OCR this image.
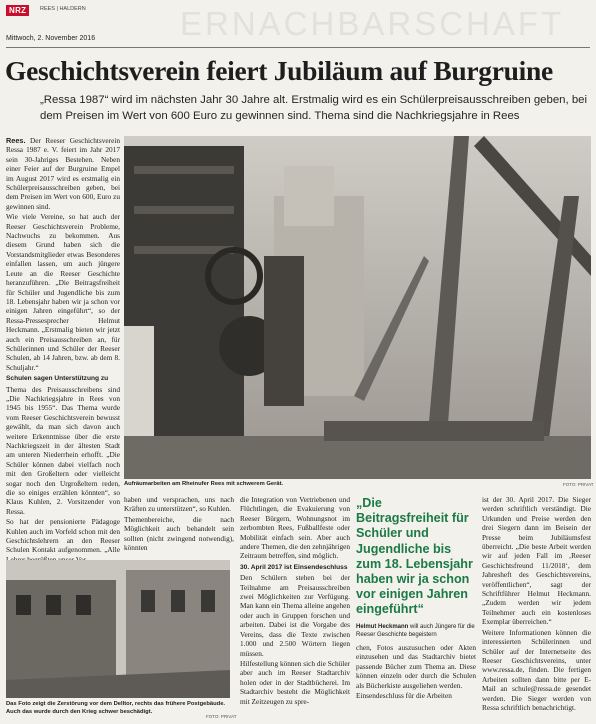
NRZ	REES | HALDERN	ERNACHBARSCHAFT
Mittwoch, 2. November 2016
Geschichtsverein feiert Jubiläum auf Burgruine

„Ressa 1987“ wird im nächsten Jahr 30 Jahre alt. Erstmalig wird es ein Schülerpreisausschreiben geben, bei dem Preisen im Wert von 600 Euro zu gewinnen sind. Thema sind die Nachkriegsjahre in Rees

Rees. Der Reeser Geschichtsverein Ressa 1987 e. V. feiert im Jahr 2017 sein 30-Jahriges Bestehen. Neben einer Feier auf der Burgruine Empel im August 2017 wird es erstmalig ein Schülerpreisausschreiben geben, bei dem Preisen im Wert von 600, Euro zu gewinnen sind.

Wie viele Vereine, so hat auch der Reeser Geschichtsverein Probleme, Nachwuchs zu bekommen. Aus diesem Grund haben sich die Vorstandsmitglieder etwas Besonderes einfallen lassen, um auch jüngere Leute an die Reeser Geschichte heranzuführen. „Die Beitragsfreiheit für Schüler und Jugendliche bis zum 18. Lebensjahr haben wir ja schon vor einigen Jahren eingeführt“, so der Ressa-Pressesprecher Helmut Heckmann. „Erstmalig bieten wir jetzt auch ein Preisausschreiben an, für Schülerinnen und Schüler der Reeser Schulen, ab 14 Jahren, bzw. ab dem 8. Schuljahr.“

Schulen sagen Unterstützung zu

Thema des Preisausschreibens sind „Die Nachkriegsjahre in Rees von 1945 bis 1955“. Das Thema wurde vom Reeser Geschichtsverein bewusst gewählt, da man sich davon auch weitere Erkenntnisse über die erste Nachkriegszeit in der ältesten Stadt am unteren Niederrhein erhofft. „Die Schüler können dabei vielfach noch mit den Großeltern oder vielleicht sogar noch den Urgroßeltern reden, die so einiges erzählen könnten“, so Klaus Kuhlen, 2. Vorsitzender von Ressa.

So hat der pensionierte Pädagoge Kuhlen auch im Vorfeld schon mit den Geschichtslehrern an den Reeser Schulen Kontakt aufgenommen. „Alle

Aufräumarbeiten am Rheinufer Rees mit schwerem Gerät.	FOTO: PRIVAT

haben und versprachen, uns nach Kräften zu unterstützen“, so Kuhlen.

Themenbereiche, die nach Möglichkeit auch behandelt sein sollten (nicht zwingend notwendig), könnten

Das Foto zeigt die Zerstörung vor dem Delltor, rechts das frühere Postgebäude. Auch das wurde durch den Krieg schwer beschädigt.
FOTO: PRIVAT

die Integration von Vertriebenen und Flüchtlingen, die Evakuierung von Reeser Bürgern, Wohnungsnot im zerbombten Rees, Fußballfeste oder Mobilität einfach sein. Aber auch andere Themen, die den zehnjährigen Zeitraum betreffen, sind möglich.

30. April 2017 ist Einsendeschluss

Den Schülern stehen bei der Teilnahme am Preisausschreiben zwei Möglichkeiten zur Verfügung. Man kann ein Thema alleine angehen oder auch in Gruppen forschen und arbeiten. Dabei ist die Vorgabe des Vereins, dass die Texte zwischen 1.000 und 2.500 Wörtern liegen müssen.

Hilfestellung können sich die Schüler aber auch im Reeser Stadtarchiv holen oder in der Stadtbücherei. Im Stadtarchiv besteht die Möglichkeit mit Zeitzeugen zu spre-

„Die Beitragsfreiheit für Schüler und Jugendliche bis zum 18. Lebensjahr haben wir ja schon vor einigen Jahren eingeführt“
Helmut Heckmann will auch Jüngere für die Reeser Geschichte begeistern

chen, Fotos auszusuchen oder Akten einzusehen und das Stadtarchiv bietet passende Bücher zum Thema an. Diese können einzeln oder durch die Schulen als Bücherkiste ausgeliehen werden.

Einsendeschluss für die Arbeiten

ist der 30. April 2017. Die Sieger werden schriftlich verständigt. Die Urkunden und Preise werden den drei Siegern dann im Beisein der Presse beim Jubiläumsfest überreicht. „Die beste Arbeit werden wir auf jeden Fall im ‚Reeser Geschichtsfreund 11/2018‘, dem Jahresheft des Geschichtsvereins, veröffentlichen“, sagt der Schriftführer Helmut Heckmann. „Zudem werden wir jedem Teilnehmer auch ein kostenloses Exemplar überreichen.“

Weitere Informationen können die interessierten Schülerinnen und Schüler auf der Internetseite des Reeser Geschichtsvereins, unter www.ressa.de, finden. Die fertigen Arbeiten sollten dann bitte per E-Mail an schule@ressa.de gesendet werden. Die Sieger werden von Ressa schriftlich benachrichtigt.
